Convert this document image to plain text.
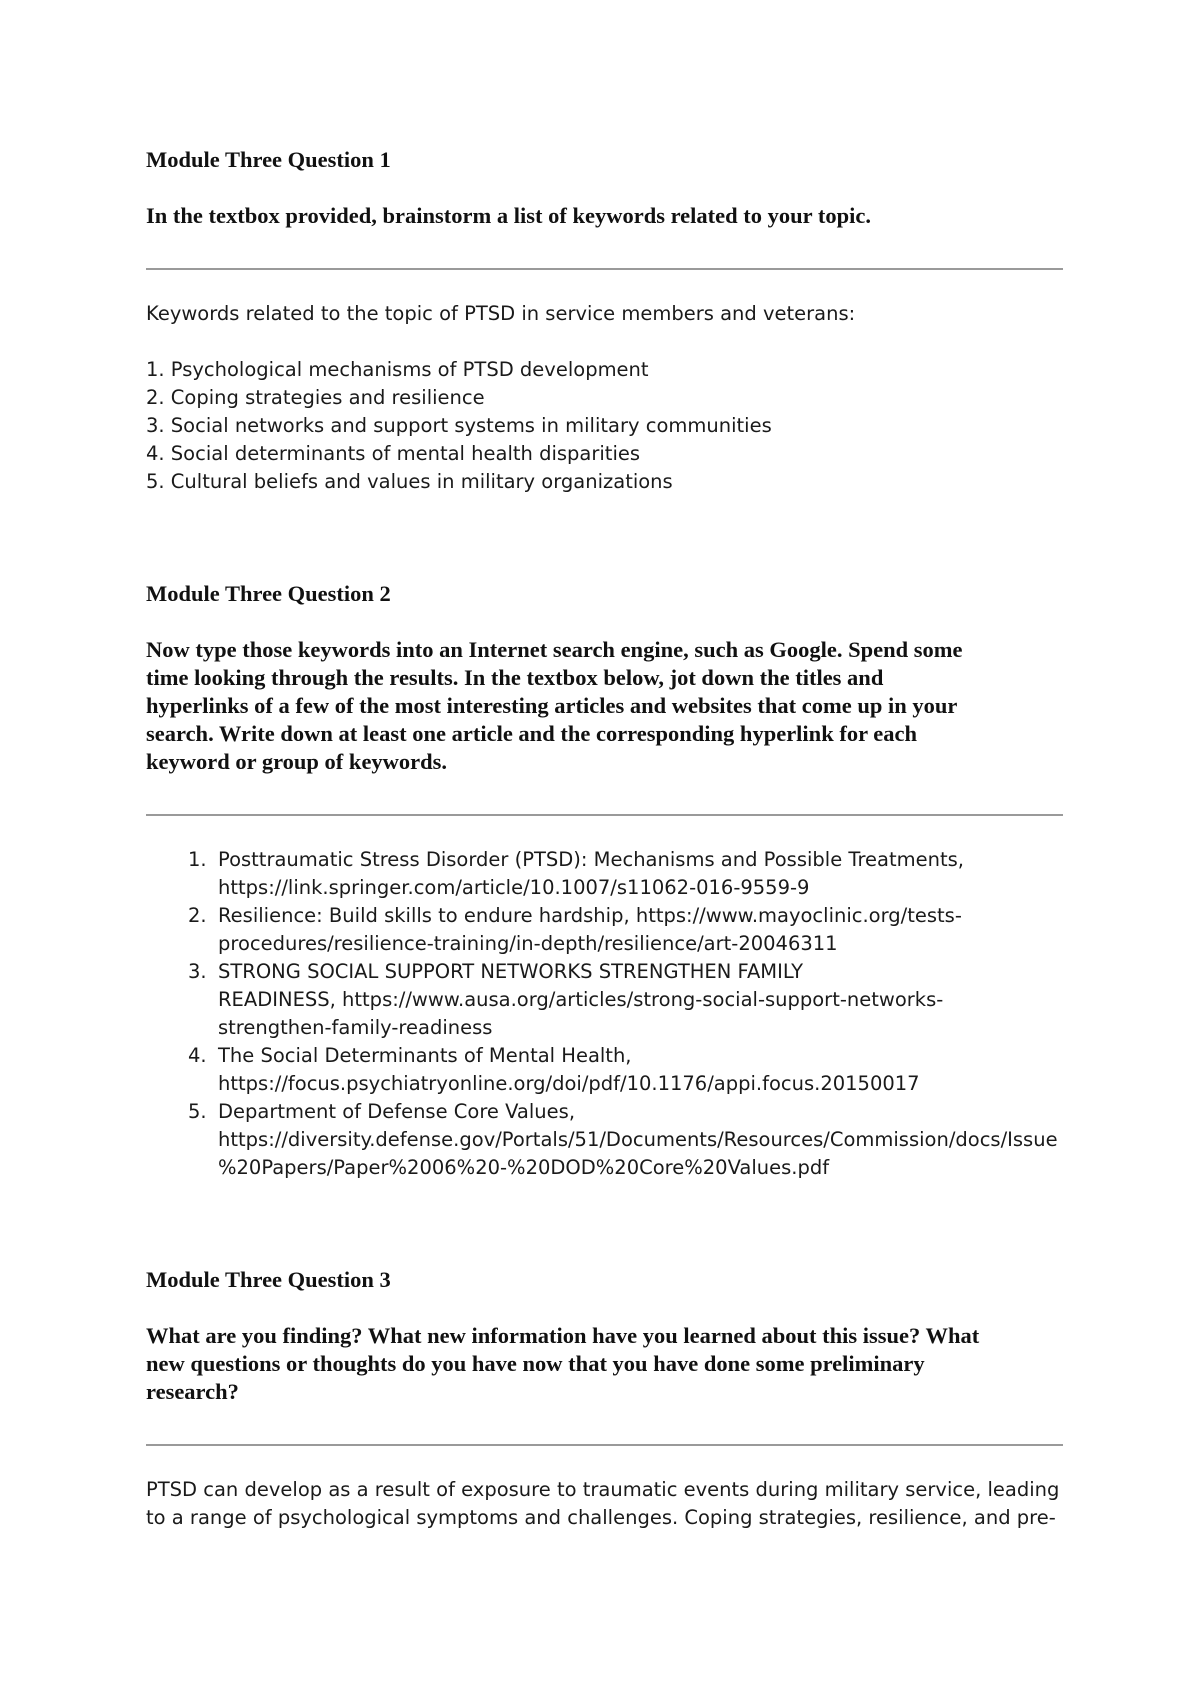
Module Three Question 1

In the textbox provided, brainstorm a list of keywords related to your topic.

Keywords related to the topic of PTSD in service members and veterans:

1. Psychological mechanisms of PTSD development
2. Coping strategies and resilience
3. Social networks and support systems in military communities
4. Social determinants of mental health disparities
5. Cultural beliefs and values in military organizations

Module Three Question 2

Now type those keywords into an Internet search engine, such as Google. Spend some

time looking through the results. In the textbox below, jot down the titles and

hyperlinks of a few of the most interesting articles and websites that come up in your

search. Write down at least one article and the corresponding hyperlink for each

keyword or group of keywords.

1. Posttraumatic Stress Disorder (PTSD): Mechanisms and Possible Treatments,
https://link.springer.com/article/10.1007/s11062-016-9559-9
2. Resilience: Build skills to endure hardship, https://www.mayoclinic.org/tests-
procedures/resilience-training/in-depth/resilience/art-20046311
3. STRONG SOCIAL SUPPORT NETWORKS STRENGTHEN FAMILY
READINESS, https://www.ausa.org/articles/strong-social-support-networks-
strengthen-family-readiness
4. The Social Determinants of Mental Health,
https://focus.psychiatryonline.org/doi/pdf/10.1176/appi.focus.20150017
5. Department of Defense Core Values,
https://diversity.defense.gov/Portals/51/Documents/Resources/Commission/docs/Issue
%20Papers/Paper%2006%20-%20DOD%20Core%20Values.pdf

Module Three Question 3

What are you finding? What new information have you learned about this issue? What

new questions or thoughts do you have now that you have done some preliminary

research?

PTSD can develop as a result of exposure to traumatic events during military service, leading

to a range of psychological symptoms and challenges. Coping strategies, resilience, and pre-
